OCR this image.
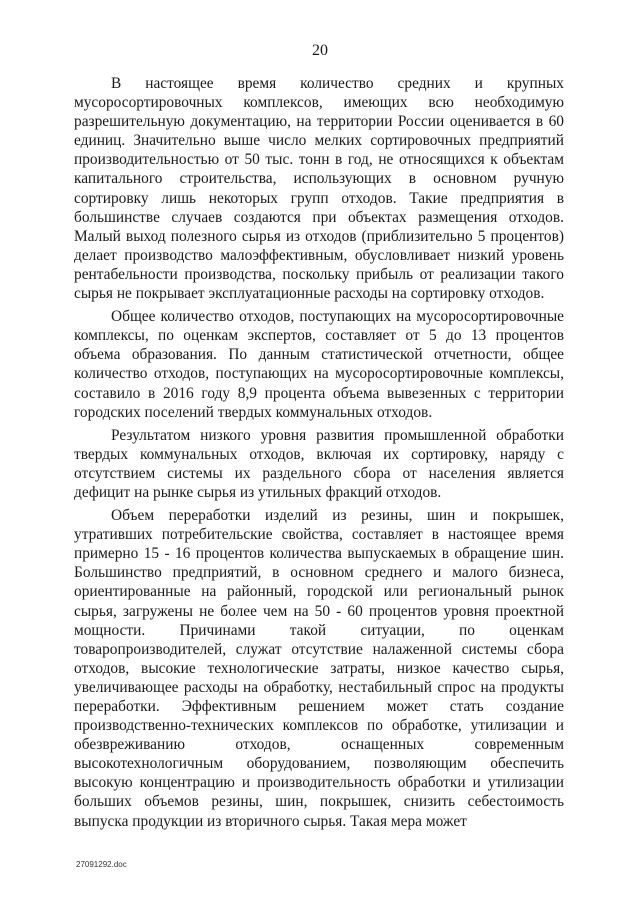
20

В настоящее время количество средних и крупных мусоросортировочных комплексов, имеющих всю необходимую разрешительную документацию, на территории России оценивается в 60 единиц. Значительно выше число мелких сортировочных предприятий производительностью от 50 тыс. тонн в год, не относящихся к объектам капитального строительства, использующих в основном ручную сортировку лишь некоторых групп отходов. Такие предприятия в большинстве случаев создаются при объектах размещения отходов. Малый выход полезного сырья из отходов (приблизительно 5 процентов) делает производство малоэффективным, обусловливает низкий уровень рентабельности производства, поскольку прибыль от реализации такого сырья не покрывает эксплуатационные расходы на сортировку отходов.

Общее количество отходов, поступающих на мусоросортировочные комплексы, по оценкам экспертов, составляет от 5 до 13 процентов объема образования. По данным статистической отчетности, общее количество отходов, поступающих на мусоросортировочные комплексы, составило в 2016 году 8,9 процента объема вывезенных с территории городских поселений твердых коммунальных отходов.

Результатом низкого уровня развития промышленной обработки твердых коммунальных отходов, включая их сортировку, наряду с отсутствием системы их раздельного сбора от населения является дефицит на рынке сырья из утильных фракций отходов.

Объем переработки изделий из резины, шин и покрышек, утративших потребительские свойства, составляет в настоящее время примерно 15 - 16 процентов количества выпускаемых в обращение шин. Большинство предприятий, в основном среднего и малого бизнеса, ориентированные на районный, городской или региональный рынок сырья, загружены не более чем на 50 - 60 процентов уровня проектной мощности. Причинами такой ситуации, по оценкам товаропроизводителей, служат отсутствие налаженной системы сбора отходов, высокие технологические затраты, низкое качество сырья, увеличивающее расходы на обработку, нестабильный спрос на продукты переработки. Эффективным решением может стать создание производственно-технических комплексов по обработке, утилизации и обезвреживанию отходов, оснащенных современным высокотехнологичным оборудованием, позволяющим обеспечить высокую концентрацию и производительность обработки и утилизации больших объемов резины, шин, покрышек, снизить себестоимость выпуска продукции из вторичного сырья. Такая мера может

27091292.doc
